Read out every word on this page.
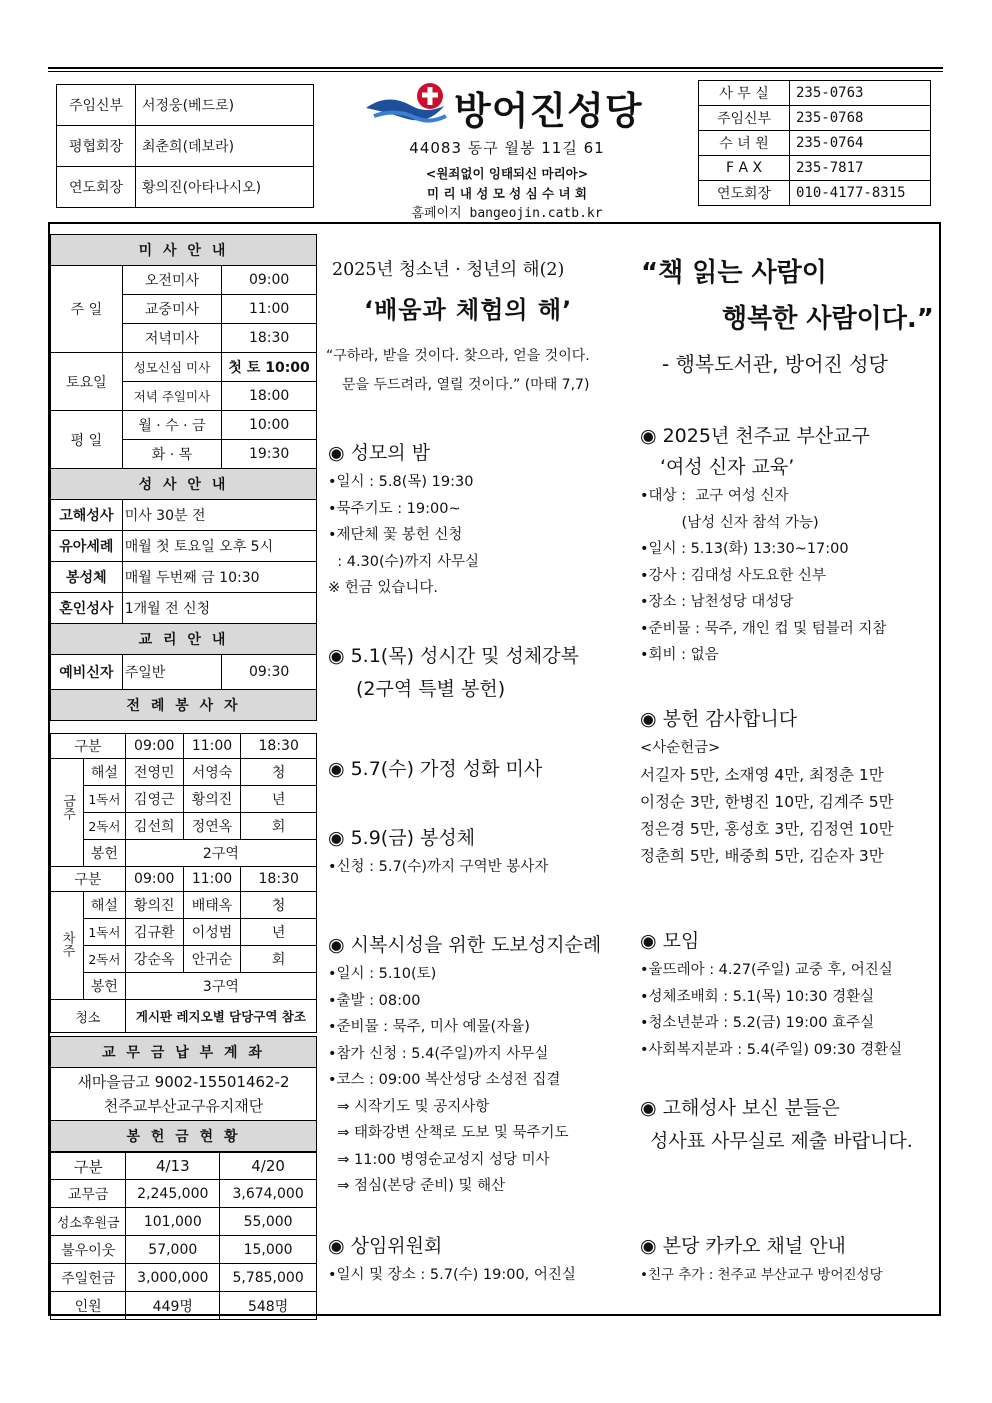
주임신부	서정웅(베드로)
평협회장	최춘희(데보라)
연도회장	황의진(아타나시오)
방어진성당
44083 동구 월봉 11길 61
<원죄없이 잉태되신 마리아>
미 리 내 성 모 성 심 수 녀 회
홈페이지 bangeojin.catb.kr
사 무 실	235-0763
주임신부	235-0768
수 녀 원	235-0764
F A X	235-7817
연도회장	010-4177-8315
미 사 안 내		
주 일	오전미사	09:00
	교중미사	11:00
	저녁미사	18:30
토요일	성모신심 미사	첫 토 10:00
	저녁 주일미사	18:00
평 일	월 · 수 · 금	10:00
	화 · 목	19:30
성 사 안 내		
고해성사	미사 30분 전	
유아세례	매월 첫 토요일 오후 5시	
봉성체	매월 두번째 금 10:30	
혼인성사	1개월 전 신청	
교 리 안 내		
예비신자	주일반	09:30
전 례 봉 사 자		
구분		09:00	11:00	18:30
금주	해설	전영민	서영숙	청
	1독서	김영근	황의진	년
	2독서	김선희	정연옥	회
	봉헌	2구역		
구분		09:00	11:00	18:30
차주	해설	황의진	배태옥	청
	1독서	김규환	이성범	년
	2독서	강순옥	안귀순	회
	봉헌	3구역		
청소		게시판 레지오별 담당구역 참조		
교 무 금 납 부 계 좌

새마을금고 9002-15501462-2
천주교부산교구유지재단

봉 헌 금 현 황
구분	4/13	4/20
교무금	2,245,000	3,674,000
성소후원금	101,000	55,000
불우이웃	57,000	15,000
주일헌금	3,000,000	5,785,000
인원	449명	548명
2025년 청소년 · 청년의 해(2)
‘배움과 체험의 해’
“구하라, 받을 것이다. 찾으라, 얻을 것이다.
문을 두드려라, 열릴 것이다.” (마태 7,7)
◉ 성모의 밤
•일시 : 5.8(목) 19:30
•묵주기도 : 19:00~
•제단체 꽃 봉헌 신청
: 4.30(수)까지 사무실
※ 헌금 있습니다.
◉ 5.1(목) 성시간 및 성체강복
(2구역 특별 봉헌)
◉ 5.7(수) 가정 성화 미사
◉ 5.9(금) 봉성체
•신청 : 5.7(수)까지 구역반 봉사자
◉ 시복시성을 위한 도보성지순례
•일시 : 5.10(토)
•출발 : 08:00
•준비물 : 묵주, 미사 예물(자율)
•참가 신청 : 5.4(주일)까지 사무실
•코스 : 09:00 복산성당 소성전 집결
⇒ 시작기도 및 공지사항
⇒ 태화강변 산책로 도보 및 묵주기도
⇒ 11:00 병영순교성지 성당 미사
⇒ 점심(본당 준비) 및 해산
◉ 상임위원회
•일시 및 장소 : 5.7(수) 19:00, 어진실
“책 읽는 사람이
행복한 사람이다.”
- 행복도서관, 방어진 성당
◉ 2025년 천주교 부산교구
‘여성 신자 교육’
•대상 :  교구 여성 신자
(남성 신자 참석 가능)
•일시 : 5.13(화) 13:30~17:00
•강사 : 김대성 사도요한 신부
•장소 : 남천성당 대성당
•준비물 : 묵주, 개인 컵 및 텀블러 지참
•회비 : 없음
◉ 봉헌 감사합니다
<사순헌금>
서길자 5만, 소재영 4만, 최정춘 1만
이정순 3만, 한병진 10만, 김계주 5만
정은경 5만, 홍성호 3만, 김정연 10만
정춘희 5만, 배중희 5만, 김순자 3만
◉ 모임
•울뜨레아 : 4.27(주일) 교중 후, 어진실
•성체조배회 : 5.1(목) 10:30 경환실
•청소년분과 : 5.2(금) 19:00 효주실
•사회복지분과 : 5.4(주일) 09:30 경환실
◉ 고해성사 보신 분들은
성사표 사무실로 제출 바랍니다.
◉ 본당 카카오 채널 안내
•친구 추가 : 천주교 부산교구 방어진성당
